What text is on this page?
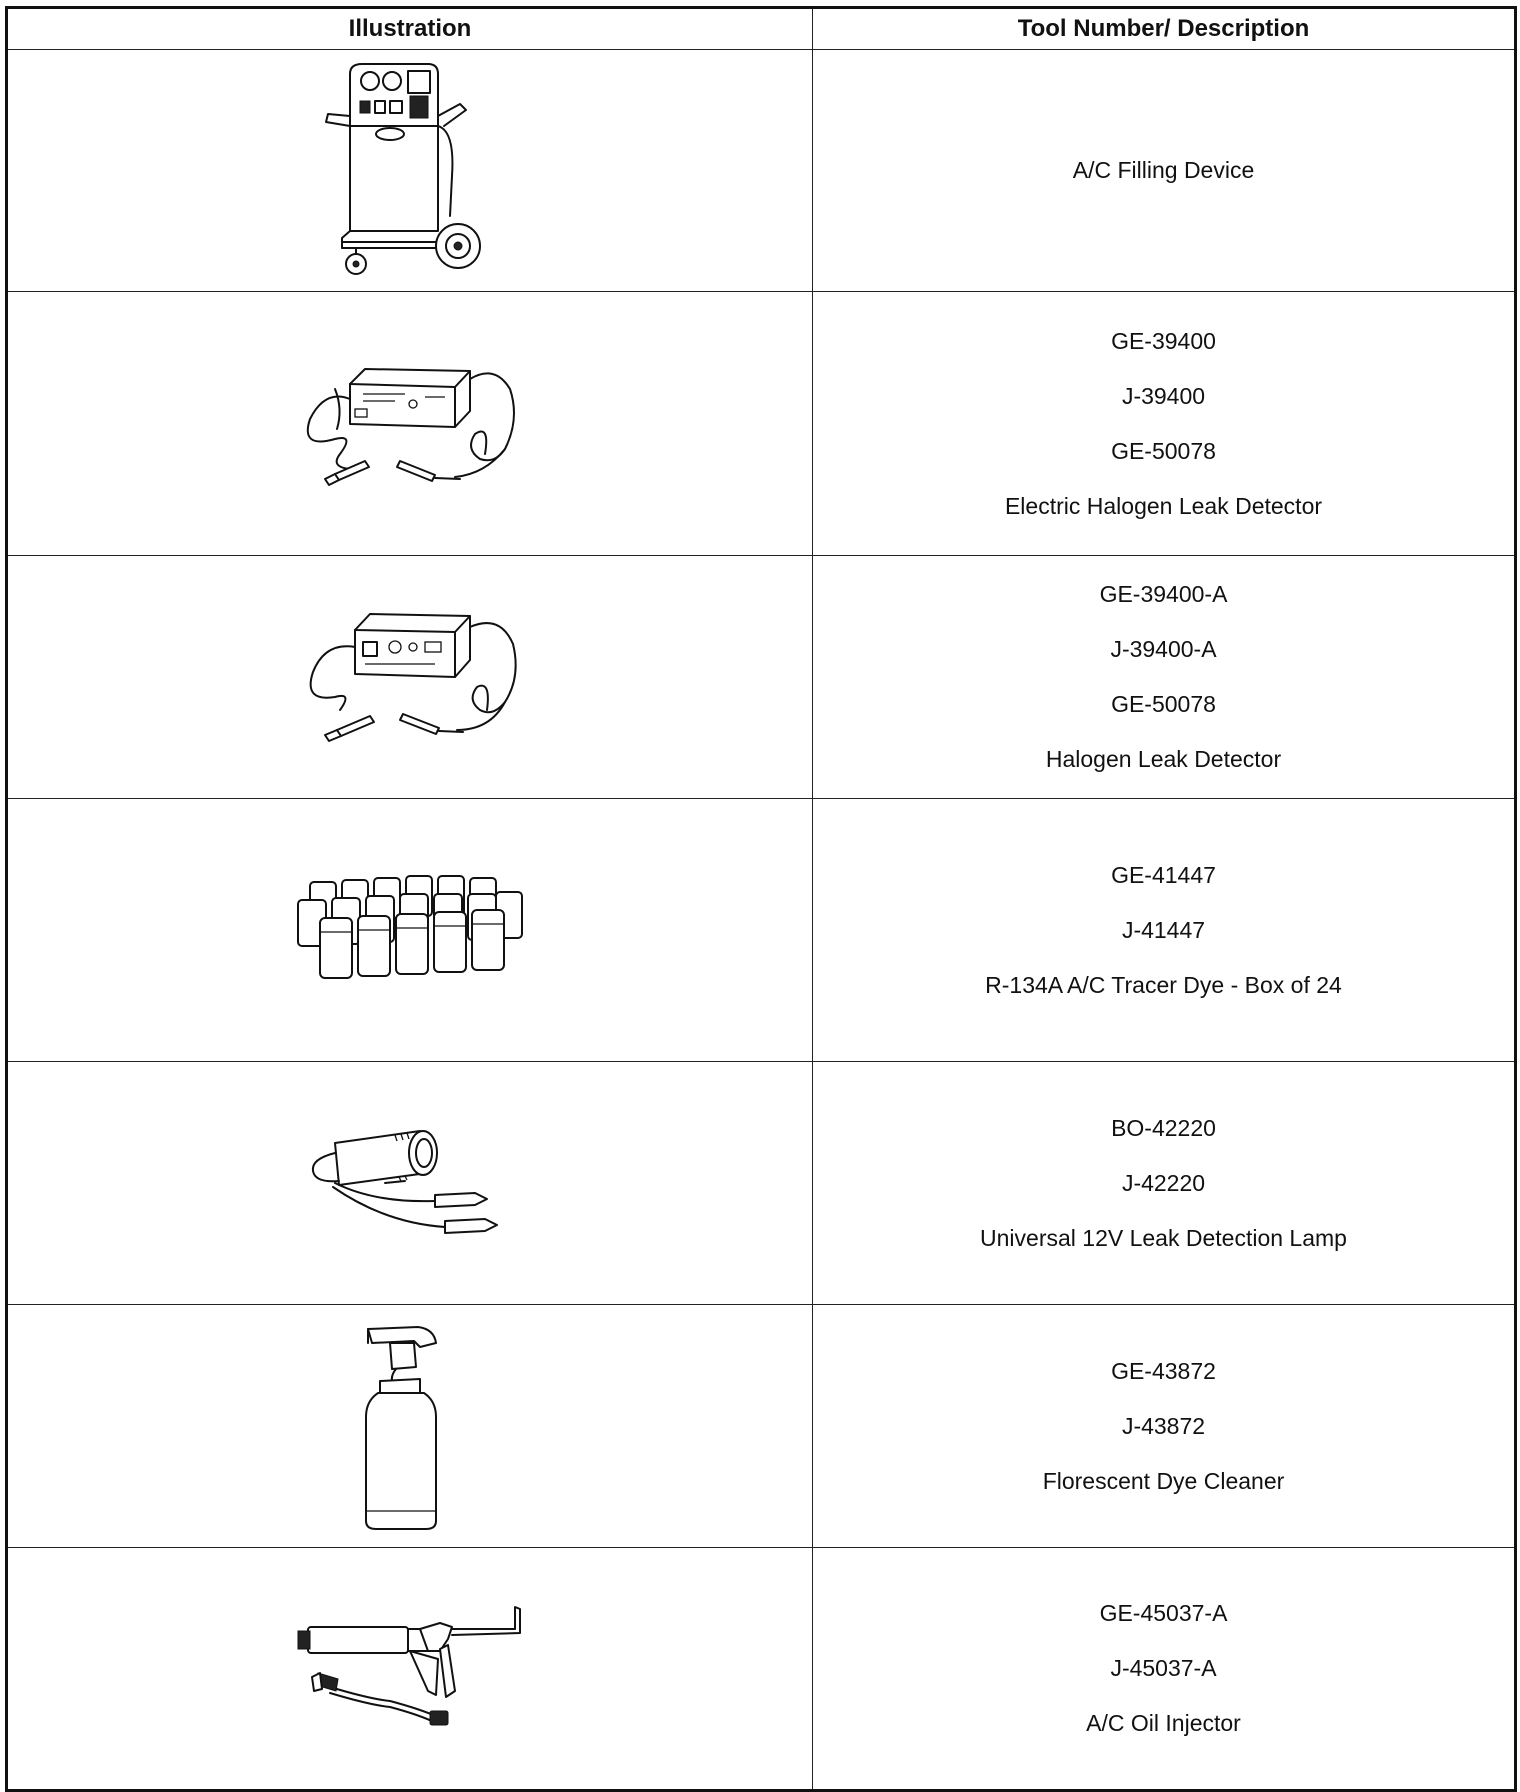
Illustration	Tool Number/ Description

A/C Filling Device

GE-39400
J-39400
GE-50078
Electric Halogen Leak Detector

GE-39400-A
J-39400-A
GE-50078
Halogen Leak Detector

GE-41447
J-41447
R-134A A/C Tracer Dye - Box of 24

BO-42220
J-42220
Universal 12V Leak Detection Lamp

GE-43872
J-43872
Florescent Dye Cleaner

GE-45037-A
J-45037-A
A/C Oil Injector
